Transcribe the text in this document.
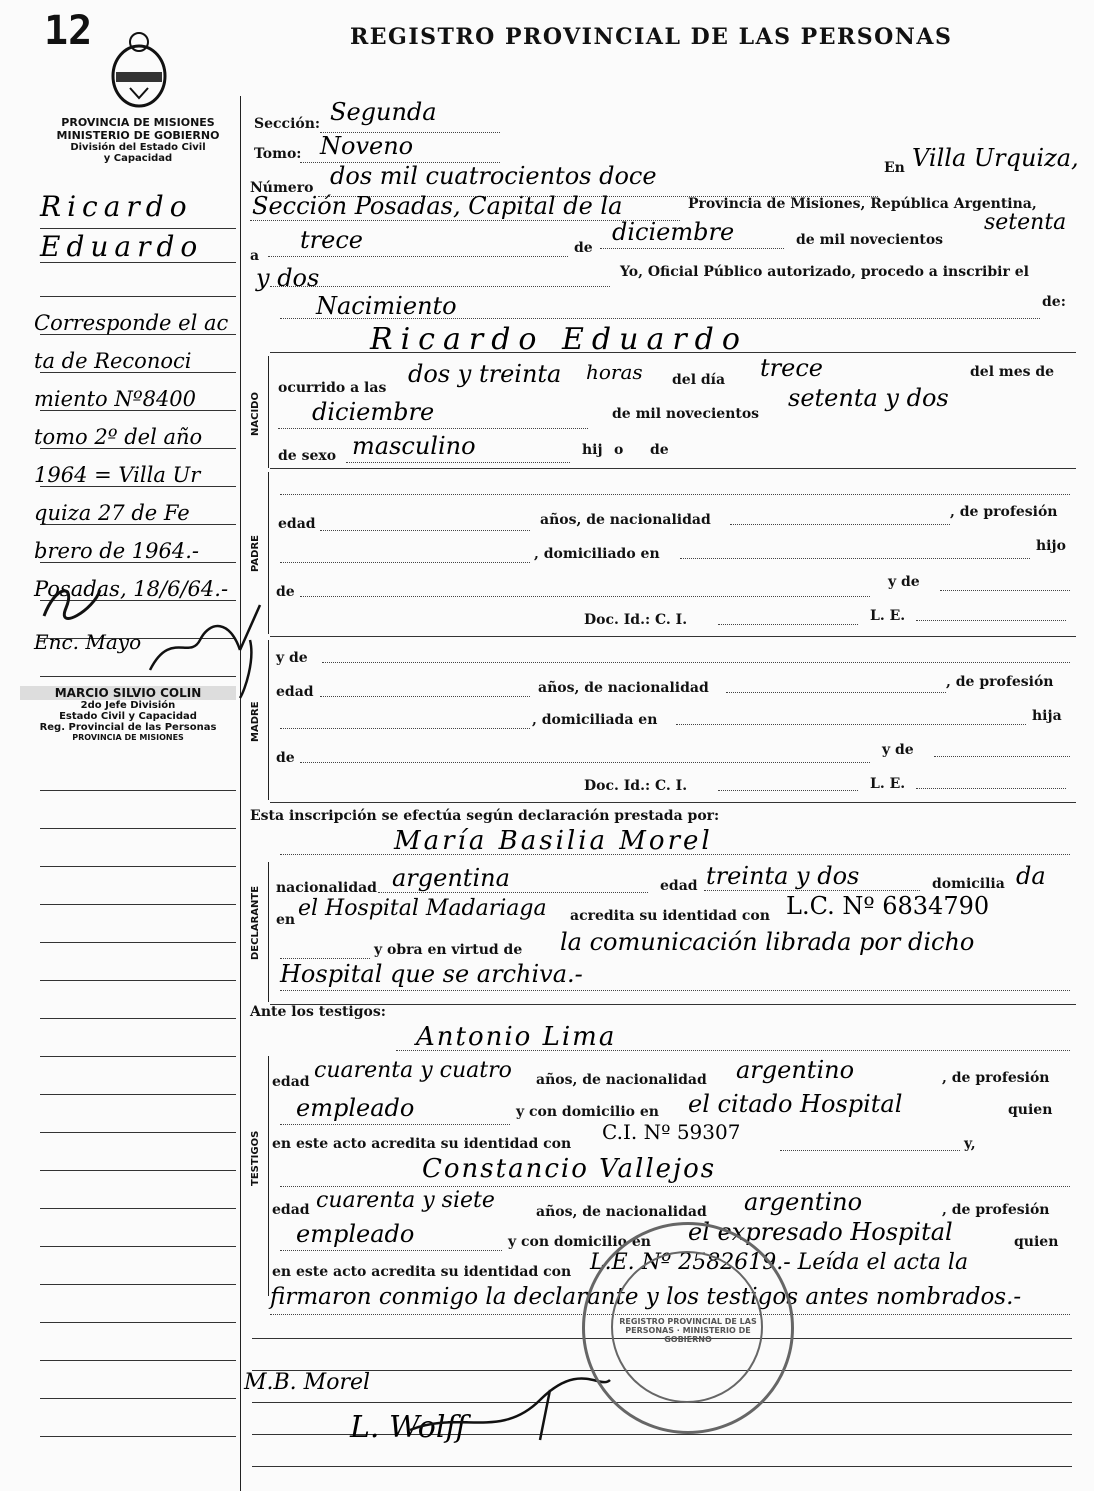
12	REGISTRO PROVINCIAL DE LAS PERSONAS
PROVINCIA DE MISIONES
MINISTERIO DE GOBIERNO
División del Estado Civil
y Capacidad
Ricardo
Eduardo
Corresponde el ac
ta de Reconoci
miento Nº8400
tomo 2º del año
1964 = Villa Ur
quiza 27 de Fe
brero de 1964.-
Posadas, 18/6/64.-
Enc. Mayo
MARCIO SILVIO COLIN
2do Jefe División
Estado Civil y Capacidad
Reg. Provincial de las Personas
PROVINCIA DE MISIONES
Sección: Segunda
Tomo: Noveno
Número dos mil cuatrocientos doce	En Villa Urquiza,
Sección Posadas, Capital de la	Provincia de Misiones, República Argentina,
a
trece	de
diciembre	de mil novecientos
setenta
y dos	Yo, Oficial Público autorizado, procedo a inscribir el
Nacimiento	de:
Ricardo Eduardo
NACIDO
ocurrido a las dos y treinta horas del día trece	del mes de
diciembre	de mil novecientos
setenta y dos
de sexo masculino	hij o de
PADRE
edad	años, de nacionalidad	, de profesión
, domiciliado en	hijo
de
y de
Doc. Id.: C. I.	L. E.
MADRE
y de
edad	años, de nacionalidad	, de profesión
, domiciliada en	hija
de	y de
Doc. Id.: C. I.	L. E.
Esta inscripción se efectúa según declaración prestada por:
María Basilia Morel
DECLARANTE nacionalidad argentina	edad treinta y dos	domicilia da
en el Hospital Madariaga acredita su identidad con L.C. Nº 6834790
y obra en virtud de la comunicación librada por dicho
Hospital que se archiva.-
Ante los testigos:
Antonio Lima
TESTIGOS
edad cuarenta y cuatro años, de nacionalidad argentino	, de profesión
empleado	y con domicilio en el citado Hospital	quien
en este acto acredita su identidad con C.I. Nº 59307	y,
Constancio Vallejos
edad cuarenta y siete	años, de nacionalidad argentino	, de profesión
empleado	y con domicilio en el expresado Hospital	quien
en este acto acredita su identidad con L.E. Nº 2582619.- Leída el acta la
firmaron conmigo la declarante y los testigos antes nombrados.-
M.B. Morel
L. Wolff
REGISTRO PROVINCIAL DE LAS PERSONAS · MINISTERIO DE GOBIERNO
